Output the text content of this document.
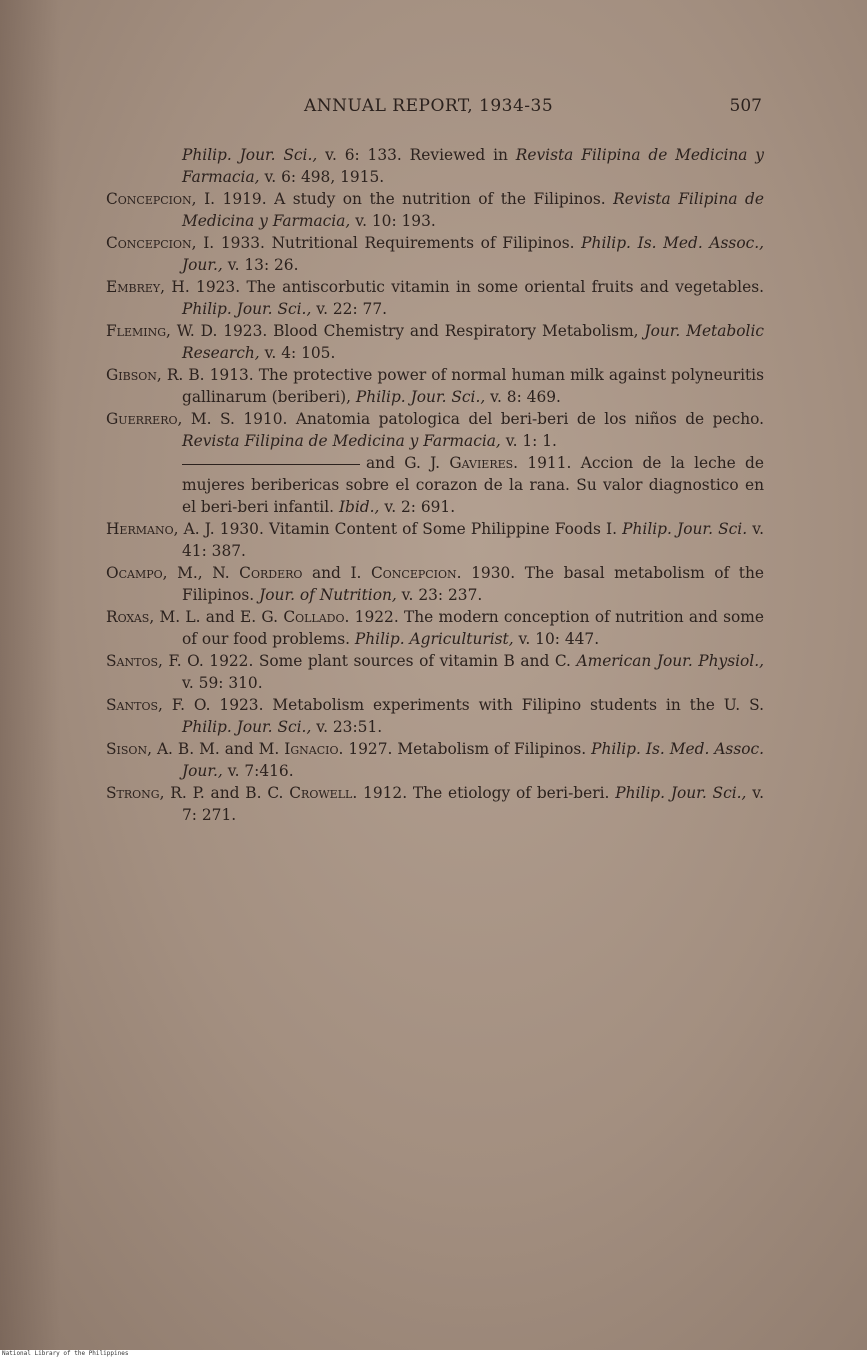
ANNUAL REPORT, 1934-35	507

Philip. Jour. Sci., v. 6: 133. Reviewed in Revista Filipina de Medicina y Farmacia, v. 6: 498, 1915.

Concepcion, I. 1919. A study on the nutrition of the Filipinos. Revista Filipina de Medicina y Farmacia, v. 10: 193.

Concepcion, I. 1933. Nutritional Requirements of Filipinos. Philip. Is. Med. Assoc., Jour., v. 13: 26.

Embrey, H. 1923. The antiscorbutic vitamin in some oriental fruits and vegetables. Philip. Jour. Sci., v. 22: 77.

Fleming, W. D. 1923. Blood Chemistry and Respiratory Metabolism, Jour. Metabolic Research, v. 4: 105.

Gibson, R. B. 1913. The protective power of normal human milk against polyneuritis gallinarum (beriberi), Philip. Jour. Sci., v. 8: 469.

Guerrero, M. S. 1910. Anatomia patologica del beri-beri de los niños de pecho. Revista Filipina de Medicina y Farmacia, v. 1: 1.

and G. J. Gavieres. 1911. Accion de la leche de mujeres beribericas sobre el corazon de la rana. Su valor diagnostico en el beri-beri infantil. Ibid., v. 2: 691.

Hermano, A. J. 1930. Vitamin Content of Some Philippine Foods I. Philip. Jour. Sci. v. 41: 387.

Ocampo, M., N. Cordero and I. Concepcion. 1930. The basal metabolism of the Filipinos. Jour. of Nutrition, v. 23: 237.

Roxas, M. L. and E. G. Collado. 1922. The modern conception of nutrition and some of our food problems. Philip. Agriculturist, v. 10: 447.

Santos, F. O. 1922. Some plant sources of vitamin B and C. American Jour. Physiol., v. 59: 310.

Santos, F. O. 1923. Metabolism experiments with Filipino students in the U. S. Philip. Jour. Sci., v. 23:51.

Sison, A. B. M. and M. Ignacio. 1927. Metabolism of Filipinos. Philip. Is. Med. Assoc. Jour., v. 7:416.

Strong, R. P. and B. C. Crowell. 1912. The etiology of beri-beri. Philip. Jour. Sci., v. 7: 271.

National Library of the Philippines
